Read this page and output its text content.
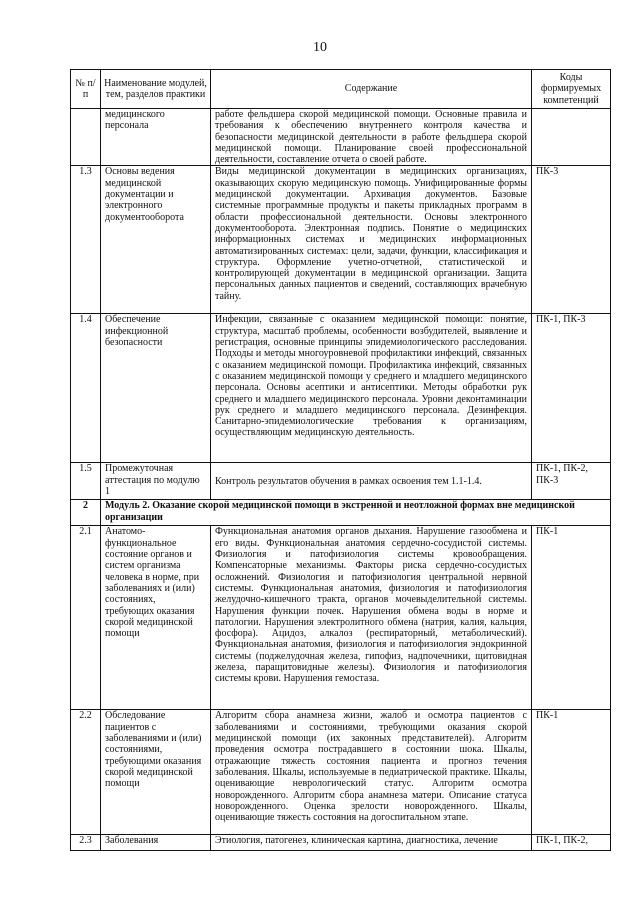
10
№ п/п	Наименование модулей, тем, разделов практики	Содержание	Коды формируемых компетенций
	медицинского персонала	работе фельдшера скорой медицинской помощи. Основные правила и требования к обеспечению внутреннего контроля качества и безопасности медицинской деятельности в работе фельдшера скорой медицинской помощи. Планирование своей профессиональной деятельности, составление отчета о своей работе.	
1.3	Основы ведения медицинской документации и электронного документооборота	Виды медицинской документации в медицинских организациях, оказывающих скорую медицинскую помощь. Унифицированные формы медицинской документации. Архивация документов. Базовые системные программные продукты и пакеты прикладных программ в области профессиональной деятельности. Основы электронного документооборота. Электронная подпись. Понятие о медицинских информационных системах и медицинских информационных автоматизированных системах: цели, задачи, функции, классификация и структура. Оформление учетно-отчетной, статистической и контролирующей документации в медицинской организации. Защита персональных данных пациентов и сведений, составляющих врачебную тайну.	ПК-3
1.4	Обеспечение инфекционной безопасности	Инфекции, связанные с оказанием медицинской помощи: понятие, структура, масштаб проблемы, особенности возбудителей, выявление и регистрация, основные принципы эпидемиологического расследования. Подходы и методы многоуровневой профилактики инфекций, связанных с оказанием медицинской помощи. Профилактика инфекций, связанных с оказанием медицинской помощи у среднего и младшего медицинского персонала. Основы асептики и антисептики. Методы обработки рук среднего и младшего медицинского персонала. Уровни деконтаминации рук среднего и младшего медицинского персонала. Дезинфекция. Санитарно-эпидемиологические требования к организациям, осуществляющим медицинскую деятельность.	ПК-1, ПК-3
1.5	Промежуточная аттестация по модулю 1	Контроль результатов обучения в рамках освоения тем 1.1-1.4.	ПК-1, ПК-2, ПК-3
2	Модуль 2. Оказание скорой медицинской помощи в экстренной и неотложной формах вне медицинской организации		
2.1	Анатомо-функциональное состояние органов и систем организма человека в норме, при заболеваниях и (или) состояниях, требующих оказания скорой медицинской помощи	Функциональная анатомия органов дыхания. Нарушение газообмена и его виды. Функциональная анатомия сердечно-сосудистой системы. Физиология и патофизиология системы кровообращения. Компенсаторные механизмы. Факторы риска сердечно-сосудистых осложнений. Физиология и патофизиология центральной нервной системы. Функциональная анатомия, физиология и патофизиология желудочно-кишечного тракта, органов мочевыделительной системы. Нарушения функции почек. Нарушения обмена воды в норме и патологии. Нарушения электролитного обмена (натрия, калия, кальция, фосфора). Ацидоз, алкалоз (респираторный, метаболический). Функциональная анатомия, физиология и патофизиология эндокринной системы (поджелудочная железа, гипофиз, надпочечники, щитовидная железа, паращитовидные железы). Физиология и патофизиология системы крови. Нарушения гемостаза.	ПК-1
2.2	Обследование пациентов с заболеваниями и (или) состояниями, требующими оказания скорой медицинской помощи	Алгоритм сбора анамнеза жизни, жалоб и осмотра пациентов с заболеваниями и состояниями, требующими оказания скорой медицинской помощи (их законных представителей). Алгоритм проведения осмотра пострадавшего в состоянии шока. Шкалы, отражающие тяжесть состояния пациента и прогноз течения заболевания. Шкалы, используемые в педиатрической практике. Шкалы, оценивающие неврологический статус. Алгоритм осмотра новорожденного. Алгоритм сбора анамнеза матери. Описание статуса новорожденного. Оценка зрелости новорожденного. Шкалы, оценивающие тяжесть состояния на догоспитальном этапе.	ПК-1
2.3	Заболевания	Этиология, патогенез, клиническая картина, диагностика, лечение	ПК-1, ПК-2,
